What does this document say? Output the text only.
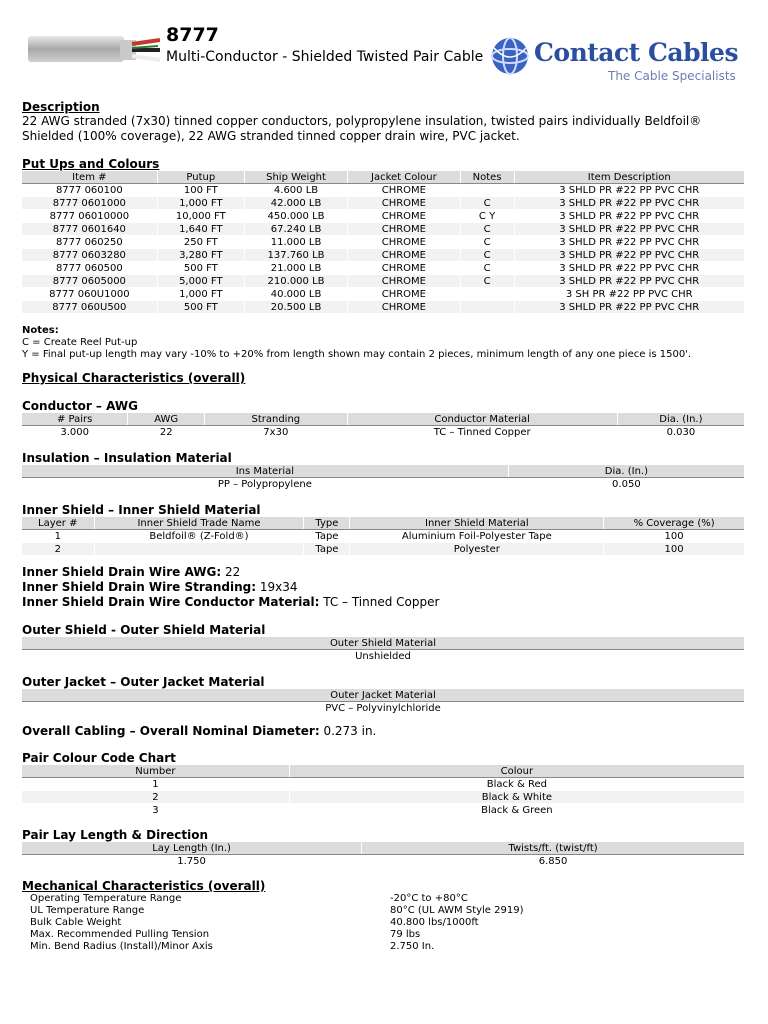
8777
Multi-Conductor - Shielded Twisted Pair Cable Contact Cables
The Cable Specialists

Description

22 AWG stranded (7x30) tinned copper conductors, polypropylene insulation, twisted pairs individually Beldfoil® Shielded (100% coverage), 22 AWG stranded tinned copper drain wire, PVC jacket.

Put Ups and Colours

Item #	Putup	Ship Weight	Jacket Colour	Notes	Item Description
8777 060100	100 FT	4.600 LB	CHROME		3 SHLD PR #22 PP PVC CHR
8777 0601000	1,000 FT	42.000 LB	CHROME	C	3 SHLD PR #22 PP PVC CHR
8777 06010000	10,000 FT	450.000 LB	CHROME	C Y	3 SHLD PR #22 PP PVC CHR
8777 0601640	1,640 FT	67.240 LB	CHROME	C	3 SHLD PR #22 PP PVC CHR
8777 060250	250 FT	11.000 LB	CHROME	C	3 SHLD PR #22 PP PVC CHR
8777 0603280	3,280 FT	137.760 LB	CHROME	C	3 SHLD PR #22 PP PVC CHR
8777 060500	500 FT	21.000 LB	CHROME	C	3 SHLD PR #22 PP PVC CHR
8777 0605000	5,000 FT	210.000 LB	CHROME	C	3 SHLD PR #22 PP PVC CHR
8777 060U1000	1,000 FT	40.000 LB	CHROME		3 SH PR #22 PP PVC CHR
8777 060U500	500 FT	20.500 LB	CHROME		3 SHLD PR #22 PP PVC CHR

Notes:

C = Create Reel Put-up

Y = Final put-up length may vary -10% to +20% from length shown may contain 2 pieces, minimum length of any one piece is 1500'.

Physical Characteristics (overall)

Conductor – AWG

# Pairs	AWG	Stranding	Conductor Material	Dia. (In.)
3.000	22	7x30	TC – Tinned Copper	0.030

Insulation – Insulation Material

Ins Material	Dia. (In.)
PP – Polypropylene	0.050

Inner Shield – Inner Shield Material

Layer #	Inner Shield Trade Name	Type	Inner Shield Material	% Coverage (%)
1	Beldfoil® (Z-Fold®)	Tape	Aluminium Foil-Polyester Tape	100
2		Tape	Polyester	100

Inner Shield Drain Wire AWG: 22

Inner Shield Drain Wire Stranding: 19x34

Inner Shield Drain Wire Conductor Material: TC – Tinned Copper

Outer Shield - Outer Shield Material

Outer Shield Material
Unshielded

Outer Jacket – Outer Jacket Material

Outer Jacket Material
PVC – Polyvinylchloride

Overall Cabling – Overall Nominal Diameter: 0.273 in.

Pair Colour Code Chart

Number	Colour
1	Black & Red
2	Black & White
3	Black & Green

Pair Lay Length & Direction

Lay Length (In.)	Twists/ft. (twist/ft)
1.750	6.850

Mechanical Characteristics (overall)

Operating Temperature Range	-20°C to +80°C
UL Temperature Range	80°C (UL AWM Style 2919)
Bulk Cable Weight	40.800 lbs/1000ft
Max. Recommended Pulling Tension	79 lbs
Min. Bend Radius (Install)/Minor Axis	2.750 In.
